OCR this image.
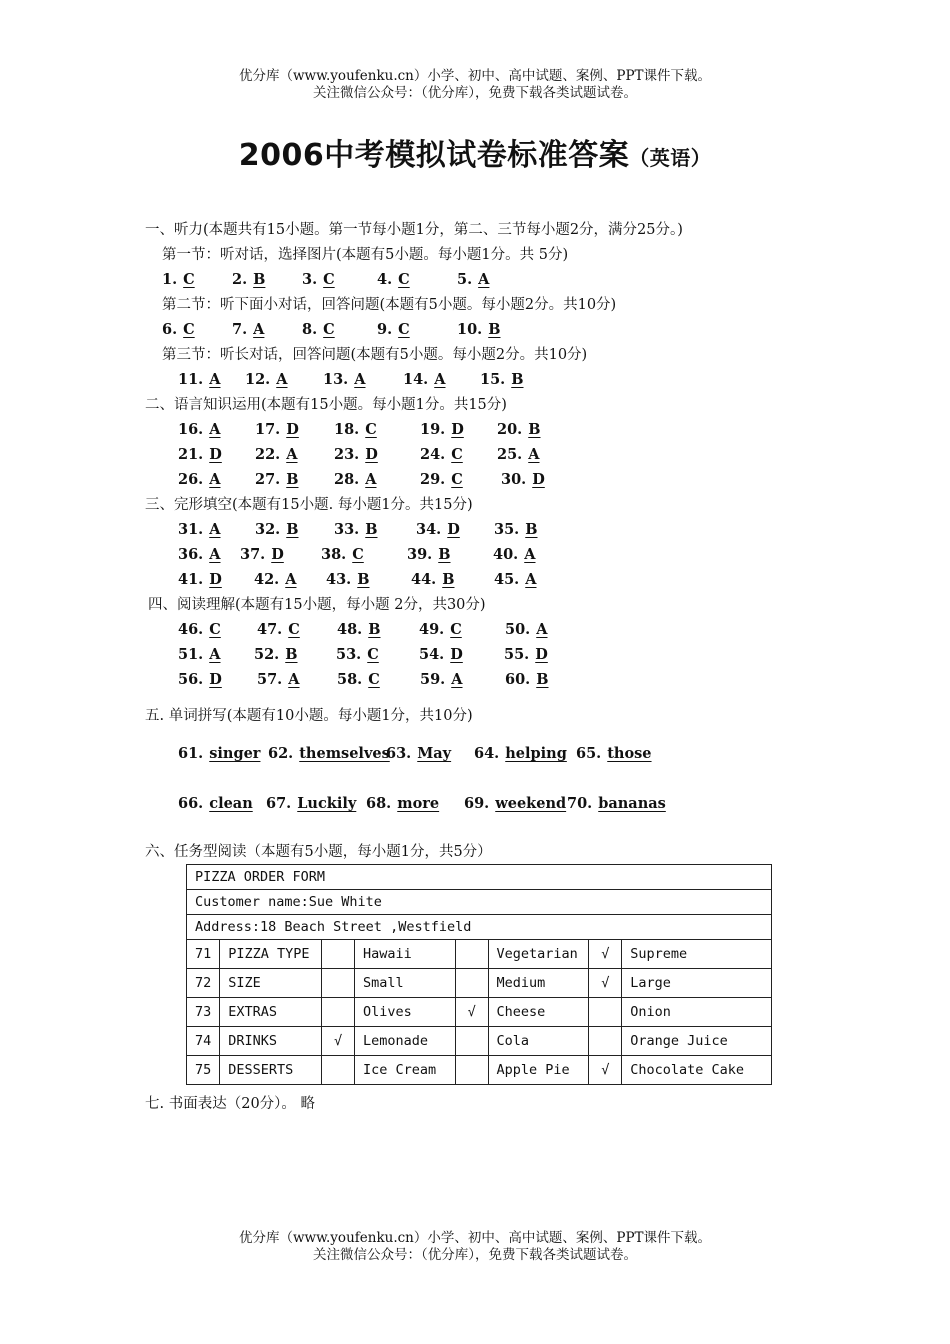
优分库（www.youfenku.cn）小学、初中、高中试题、案例、PPT课件下载。
关注微信公众号：（优分库），免费下载各类试题试卷。
2006中考模拟试卷标准答案（英语）
一、听力(本题共有15小题。第一节每小题1分，第二、三节每小题2分，满分25分。)
第一节：听对话，选择图片(本题有5小题。每小题1分。共 5分)
1. C	2. B	3. C	4. C	5. A
第二节：听下面小对话，回答问题(本题有5小题。每小题2分。共10分)
6. C	7. A	8. C	9. C	10. B
第三节：听长对话，回答问题(本题有5小题。每小题2分。共10分)
11. A 12. A 13. A	14. A 15. B
二、语言知识运用(本题有15小题。每小题1分。共15分)
16. A 17. D 18. C	19. D 20. B
21. D 22. A	23. D	24. C 25. A
26. A 27. B 28. A	29. C	30. D
三、完形填空(本题有15小题. 每小题1分。共15分)
31. A 32. B 33. B	34. D 35. B
36. A 37. D	38. C	39. B	40. A
41. D 42. A 43. B	44. B	45. A
四、阅读理解(本题有15小题，每小题 2分，共30分)
46. C 47. C	48. B	49. C	50. A
51. A 52. B	53. C	54. D	55. D
56. D 57. A	58. C	59. A	60. B
五. 单词拼写(本题有10小题。每小题1分，共10分)
61. singer 62. themselves63. May 64. helping 65. those
66. clean 67. Luckily 68. more 69. weekend70. bananas
六、任务型阅读（本题有5小题，每小题1分，共5分）
PIZZA ORDER FORM							
Customer name:Sue White							
Address:18 Beach Street ,Westfield							
71	PIZZA TYPE		Hawaii		Vegetarian	√	Supreme
72	SIZE		Small		Medium	√	Large
73	EXTRAS		Olives	√	Cheese		Onion
74	DRINKS	√	Lemonade		Cola		Orange Juice
75	DESSERTS		Ice Cream		Apple Pie	√	Chocolate Cake
七. 书面表达（20分）。 略
优分库（www.youfenku.cn）小学、初中、高中试题、案例、PPT课件下载。
关注微信公众号：（优分库），免费下载各类试题试卷。
